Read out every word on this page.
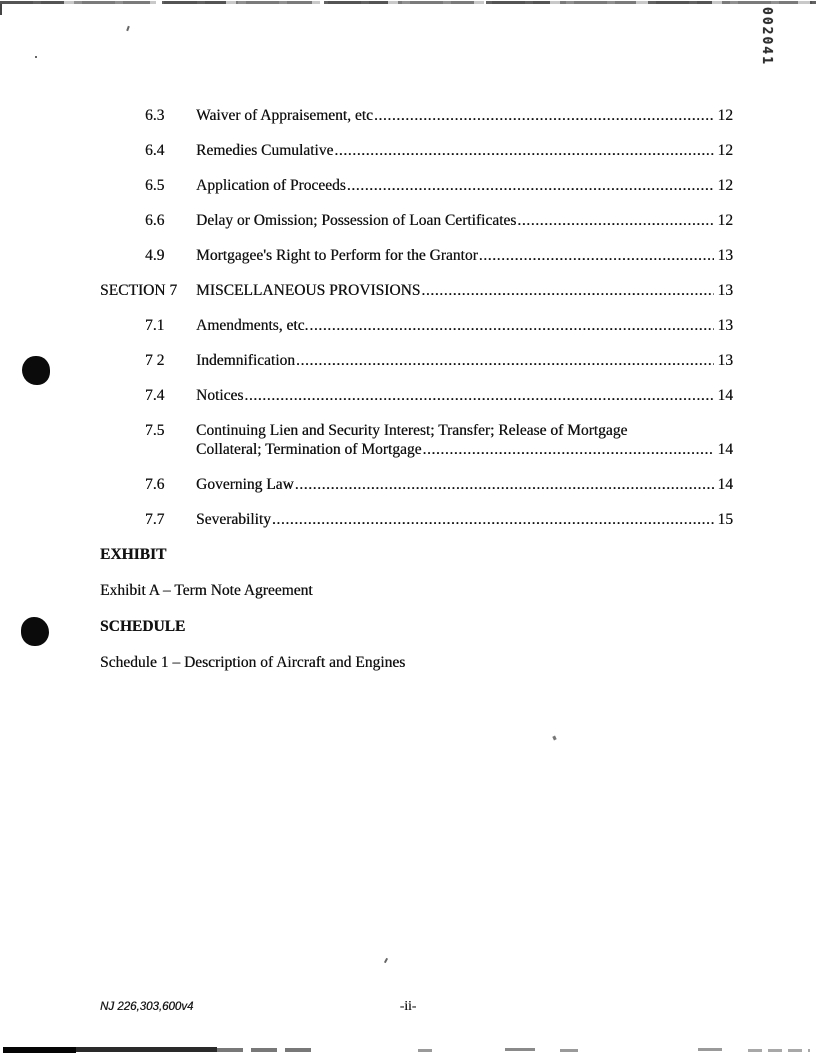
002041
6.3	Waiver of Appraisement, etc .....	12
6.4	Remedies Cumulative .....	12
6.5	Application of Proceeds .....	12
6.6	Delay or Omission; Possession of Loan Certificates .....	12
4.9	Mortgagee's Right to Perform for the Grantor .....	13
SECTION 7	MISCELLANEOUS PROVISIONS .....	13
7.1	Amendments, etc. .....	13
7 2	Indemnification .....	13
7.4	Notices .....	14
7.5	Continuing Lien and Security Interest; Transfer; Release of Mortgage
Collateral; Termination of Mortgage .....	14
7.6	Governing Law .....	14
7.7	Severability .....	15
EXHIBIT
Exhibit A – Term Note Agreement
SCHEDULE
Schedule 1 – Description of Aircraft and Engines
NJ 226,303,600v4	-ii-
